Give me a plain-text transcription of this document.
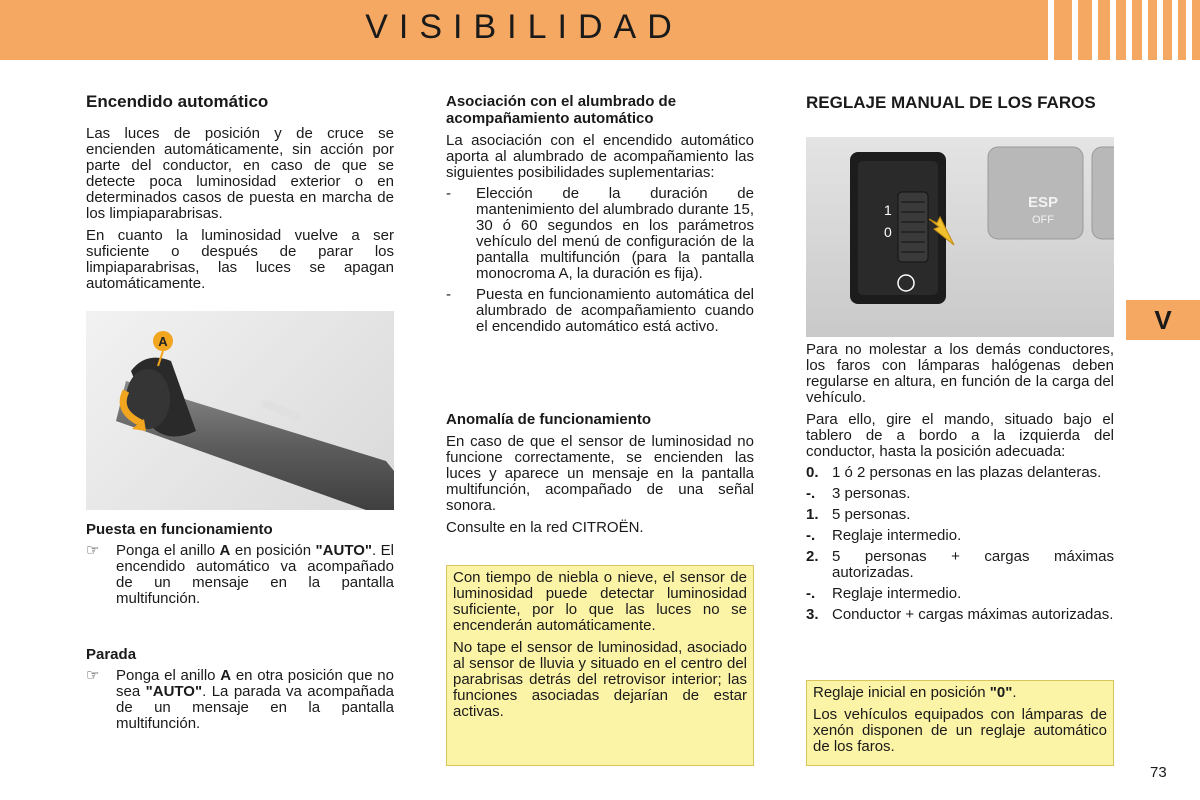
VISIBILIDAD
V
73
Encendido automático

Las luces de posición y de cruce se encienden automáticamente, sin acción por parte del conductor, en caso de que se detecte poca luminosidad exterior o en determinados casos de puesta en marcha de los limpiaparabrisas.

En cuanto la luminosidad vuelve a ser suficiente o después de parar los limpiaparabrisas, las luces se apagan automáticamente.

A
Puesta en funcionamiento
☞	Ponga el anillo A en posición "AUTO". El encendido automático va acompañado de un mensaje en la pantalla multifunción.
Parada
☞	Ponga el anillo A en otra posición que no sea "AUTO". La parada va acompañada de un mensaje en la pantalla multifunción.
Asociación con el alumbrado de acompañamiento automático

La asociación con el encendido automático aporta al alumbrado de acompañamiento las siguientes posibilidades suplementarias:

-	Elección de la duración de mantenimiento del alumbrado durante 15, 30 ó 60 segundos en los parámetros vehículo del menú de configuración de la pantalla multifunción (para la pantalla monocroma A, la duración es fija).
-	Puesta en funcionamiento automática del alumbrado de acompañamiento cuando el encendido automático está activo.
Anomalía de funcionamiento

En caso de que el sensor de luminosidad no funcione correctamente, se encienden las luces y aparece un mensaje en la pantalla multifunción, acompañado de una señal sonora.

Consulte en la red CITROËN.

Con tiempo de niebla o nieve, el sensor de luminosidad puede detectar luminosidad suficiente, por lo que las luces no se encenderán automáticamente.

No tape el sensor de luminosidad, asociado al sensor de lluvia y situado en el centro del parabrisas detrás del retrovisor interior; las funciones asociadas dejarían de estar activas.

REGLAJE MANUAL DE LOS FAROS
ESP
OFF
1
0

Para no molestar a los demás conductores, los faros con lámparas halógenas deben regularse en altura, en función de la carga del vehículo.

Para ello, gire el mando, situado bajo el tablero de a bordo a la izquierda del conductor, hasta la posición adecuada:

0. 1 ó 2 personas en las plazas delanteras.
-.	3 personas.
1. 5 personas.
-.	Reglaje intermedio.
2. 5 personas + cargas máximas autorizadas.
-.	Reglaje intermedio.
3. Conductor + cargas máximas autorizadas.

Reglaje inicial en posición "0".

Los vehículos equipados con lámparas de xenón disponen de un reglaje automático de los faros.
